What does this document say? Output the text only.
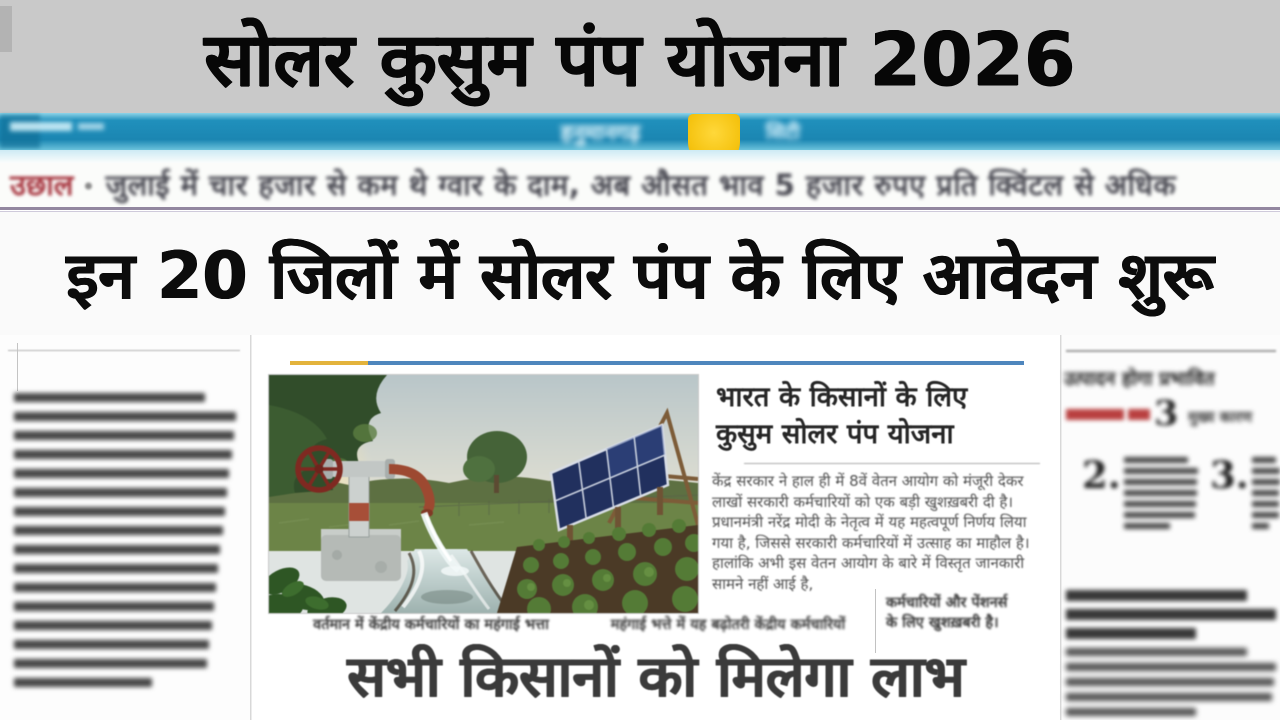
सोलर कुसुम पंप योजना 2026
हनुमानगढ़	सिटी
उछाल • जुलाई में चार हजार से कम थे ग्वार के दाम, अब औसत भाव 5 हजार रुपए प्रति क्विंटल से अधिक
इन 20 जिलों में सोलर पंप के लिए आवेदन शुरू
भारत के किसानों के लिए
कुसुम सोलर पंप योजना
केंद्र सरकार ने हाल ही में 8वें वेतन आयोग को मंजूरी देकर लाखों सरकारी कर्मचारियों को एक बड़ी खुशख़बरी दी है। प्रधानमंत्री नरेंद्र मोदी के नेतृत्व में यह महत्वपूर्ण निर्णय लिया गया है, जिससे सरकारी कर्मचारियों में उत्साह का माहौल है। हालांकि अभी इस वेतन आयोग के बारे में विस्तृत जानकारी सामने नहीं आई है,
वर्तमान में केंद्रीय कर्मचारियों का महंगाई भत्ता	महंगाई भत्ते में यह बढ़ोतरी केंद्रीय कर्मचारियों
कर्मचारियों और पेंशनर्स
के लिए खुशख़बरी है।
सभी किसानों को मिलेगा लाभ
उत्पादन होगा प्रभावित
3 मुख्य कारण
2. 3.
